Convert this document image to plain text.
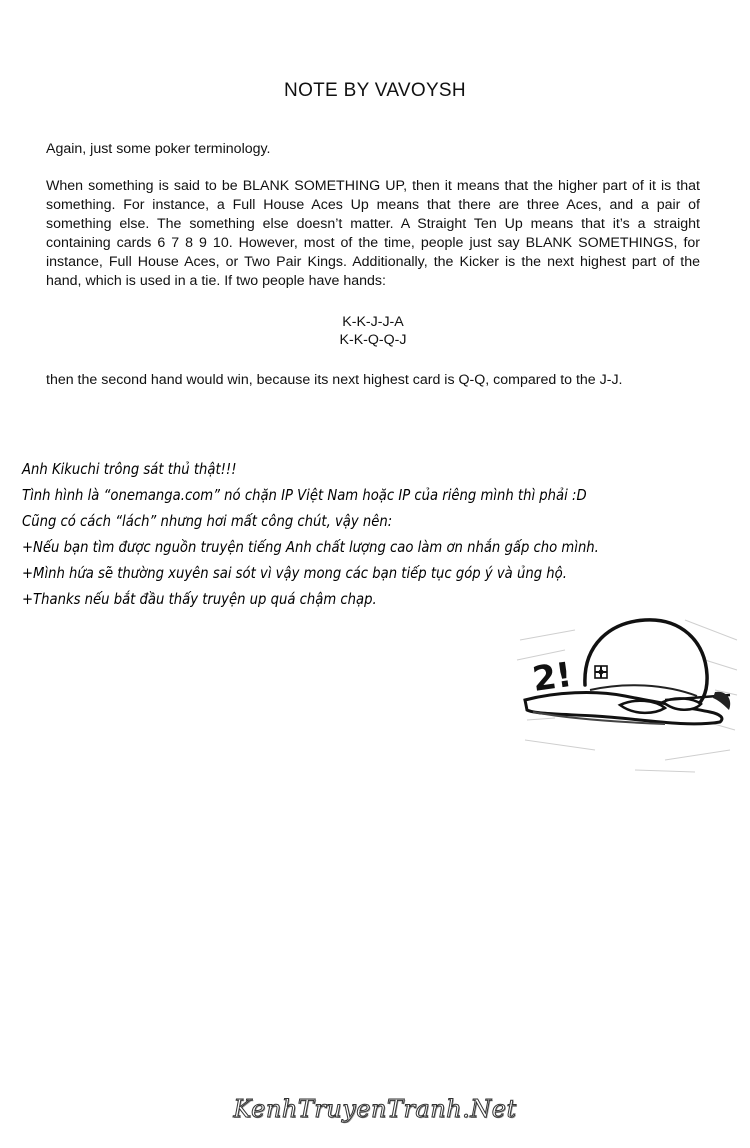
NOTE BY VAVOYSH

Again, just some poker terminology.

When something is said to be BLANK SOMETHING UP, then it means that the higher part of it is that something. For instance, a Full House Aces Up means that there are three Aces, and a pair of something else. The something else doesn’t matter. A Straight Ten Up means that it’s a straight containing cards 6 7 8 9 10. However, most of the time, people just say BLANK SOMETHINGS, for instance, Full House Aces, or Two Pair Kings. Additionally, the Kicker is the next highest part of the hand, which is used in a tie. If two people have hands:

K-K-J-J-A
K-K-Q-Q-J

then the second hand would win, because its next highest card is Q-Q, compared to the J-J.

Anh Kikuchi trông sát thủ thật!!!
Tình hình là “onemanga.com” nó chặn IP Việt Nam hoặc IP của riêng mình thì phải :D
Cũng có cách “lách” nhưng hơi mất công chút, vậy nên:
+Nếu bạn tìm được nguồn truyện tiếng Anh chất lượng cao làm ơn nhắn gấp cho mình.
+Mình hứa sẽ thường xuyên sai sót vì vậy mong các bạn tiếp tục góp ý và ủng hộ.
+Thanks nếu bắt đầu thấy truyện up quá chậm chạp.
2!
KenhTruyenTranh.Net
